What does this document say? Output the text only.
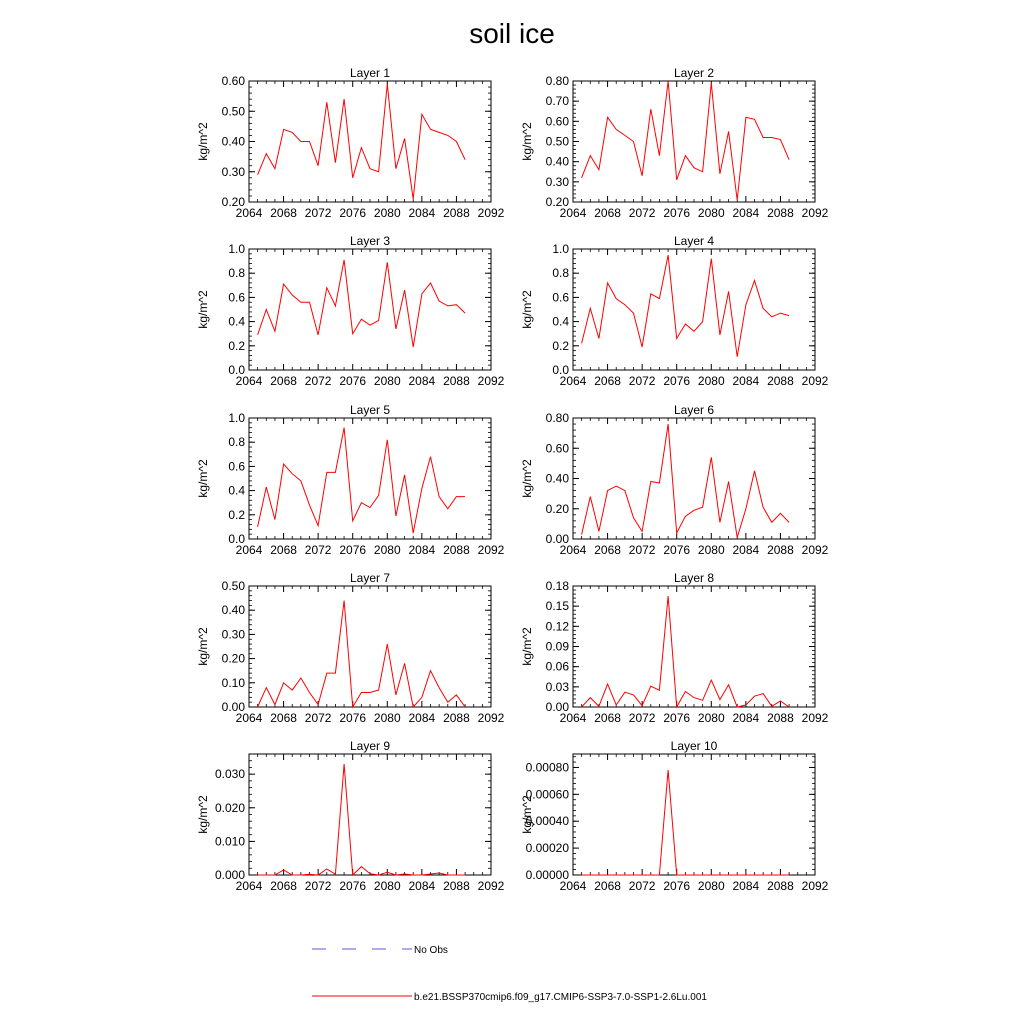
soil ice
Layer 1
kg/m^2
2064 2068 2072 2076 2080 2084 2088 2092
0.20
0.30
0.40
0.50
0.60
Layer 2
kg/m^2
2064 2068 2072 2076 2080 2084 2088 2092
0.20
0.30
0.40
0.50
0.60
0.70
0.80
Layer 3
kg/m^2
2064 2068 2072 2076 2080 2084 2088 2092
0.0
0.2
0.4
0.6
0.8
1.0
Layer 4
kg/m^2
2064 2068 2072 2076 2080 2084 2088 2092
0.0
0.2
0.4
0.6
0.8
1.0
Layer 5
kg/m^2
2064 2068 2072 2076 2080 2084 2088 2092
0.0
0.2
0.4
0.6
0.8
1.0
Layer 6
kg/m^2
2064 2068 2072 2076 2080 2084 2088 2092
0.00
0.20
0.40
0.60
0.80
Layer 7
kg/m^2
2064 2068 2072 2076 2080 2084 2088 2092
0.00
0.10
0.20
0.30
0.40
0.50
Layer 8
kg/m^2
2064 2068 2072 2076 2080 2084 2088 2092
0.00
0.03
0.06
0.09
0.12
0.15
0.18
Layer 9
kg/m^2
2064 2068 2072 2076 2080 2084 2088 2092
0.000
0.010
0.020
0.030
Layer 10
kg/m^2
2064 2068 2072 2076 2080 2084 2088 2092
0.00000
0.00020
0.00040
0.00060
0.00080
No Obs
b.e21.BSSP370cmip6.f09_g17.CMIP6-SSP3-7.0-SSP1-2.6Lu.001
